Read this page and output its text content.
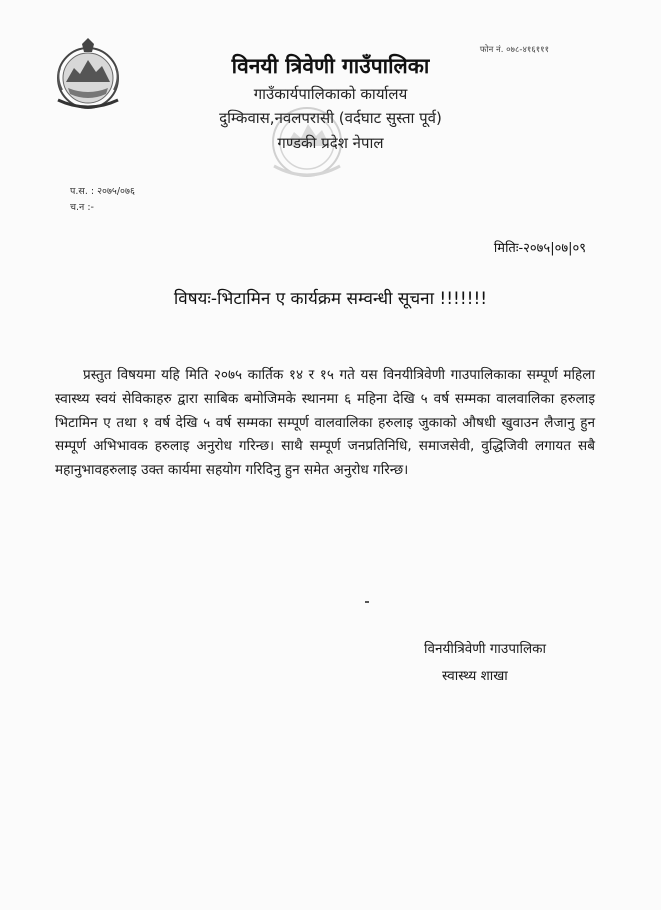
फोन नं. ०७८-४१६१११
विनयी त्रिवेणी गाउँपालिका
गाउँकार्यपालिकाको कार्यालय
दुम्किवास,नवलपरासी (वर्दघाट सुस्ता पूर्व)
गण्डकी प्रदेश नेपाल
प.स. : २०७५/०७६
च.न :-
मितिः-२०७५|०७|०९
विषयः-भिटामिन ए कार्यक्रम सम्वन्धी सूचना !!!!!!!

प्रस्तुत विषयमा यहि मिति २०७५ कार्तिक १४ र १५ गते यस विनयीत्रिवेणी गाउपालिकाका सम्पूर्ण महिला स्वास्थ्य स्वयं सेविकाहरु द्वारा साबिक बमोजिमके स्थानमा ६ महिना देखि ५ वर्ष सम्मका वालवालिका हरुलाइ भिटामिन ए तथा १ वर्ष देखि ५ वर्ष सम्मका सम्पूर्ण वालवालिका हरुलाइ जुकाको औषधी खुवाउन लैजानु हुन सम्पूर्ण अभिभावक हरुलाइ अनुरोध गरिन्छ। साथै सम्पूर्ण जनप्रतिनिधि, समाजसेवी, वुद्धिजिवी लगायत सबै महानुभावहरुलाइ उक्त कार्यमा सहयोग गरिदिनु हुन समेत अनुरोध गरिन्छ।

विनयीत्रिवेणी गाउपालिका
स्वास्थ्य शाखा
